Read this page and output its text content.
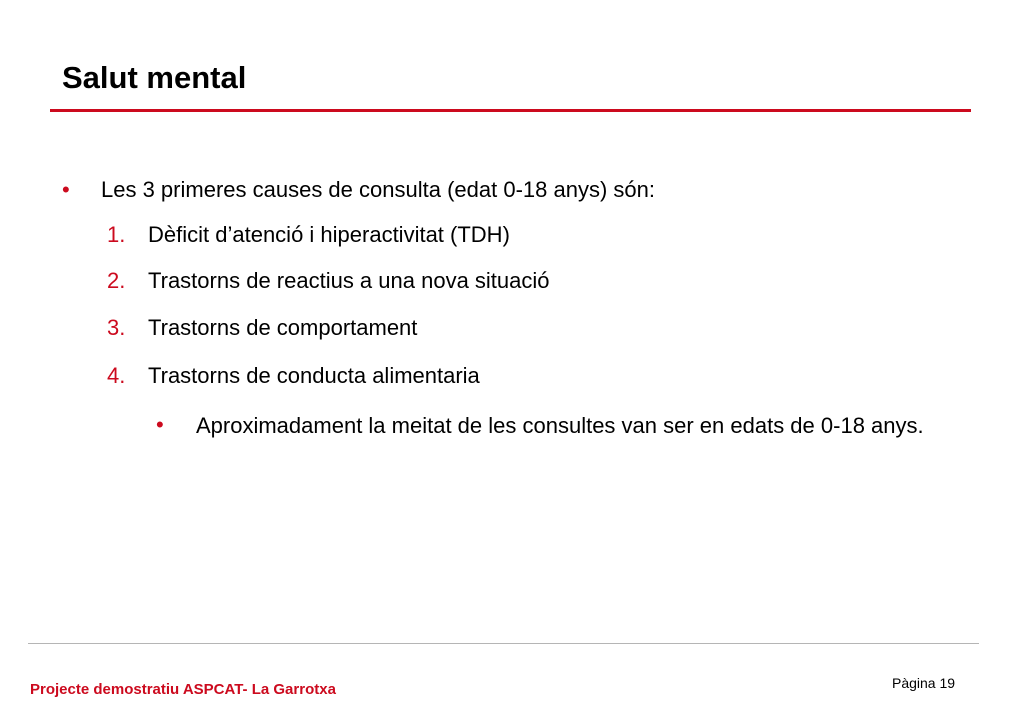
Salut mental
• Les 3 primeres causes de consulta (edat 0-18 anys) són:
1. Dèficit d’atenció i hiperactivitat (TDH)
2. Trastorns de reactius a una nova situació
3. Trastorns de comportament
4. Trastorns de conducta alimentaria
• Aproximadament la meitat de les consultes van ser en edats de 0-18 anys.
Projecte demostratiu ASPCAT- La Garrotxa	Pàgina 19
